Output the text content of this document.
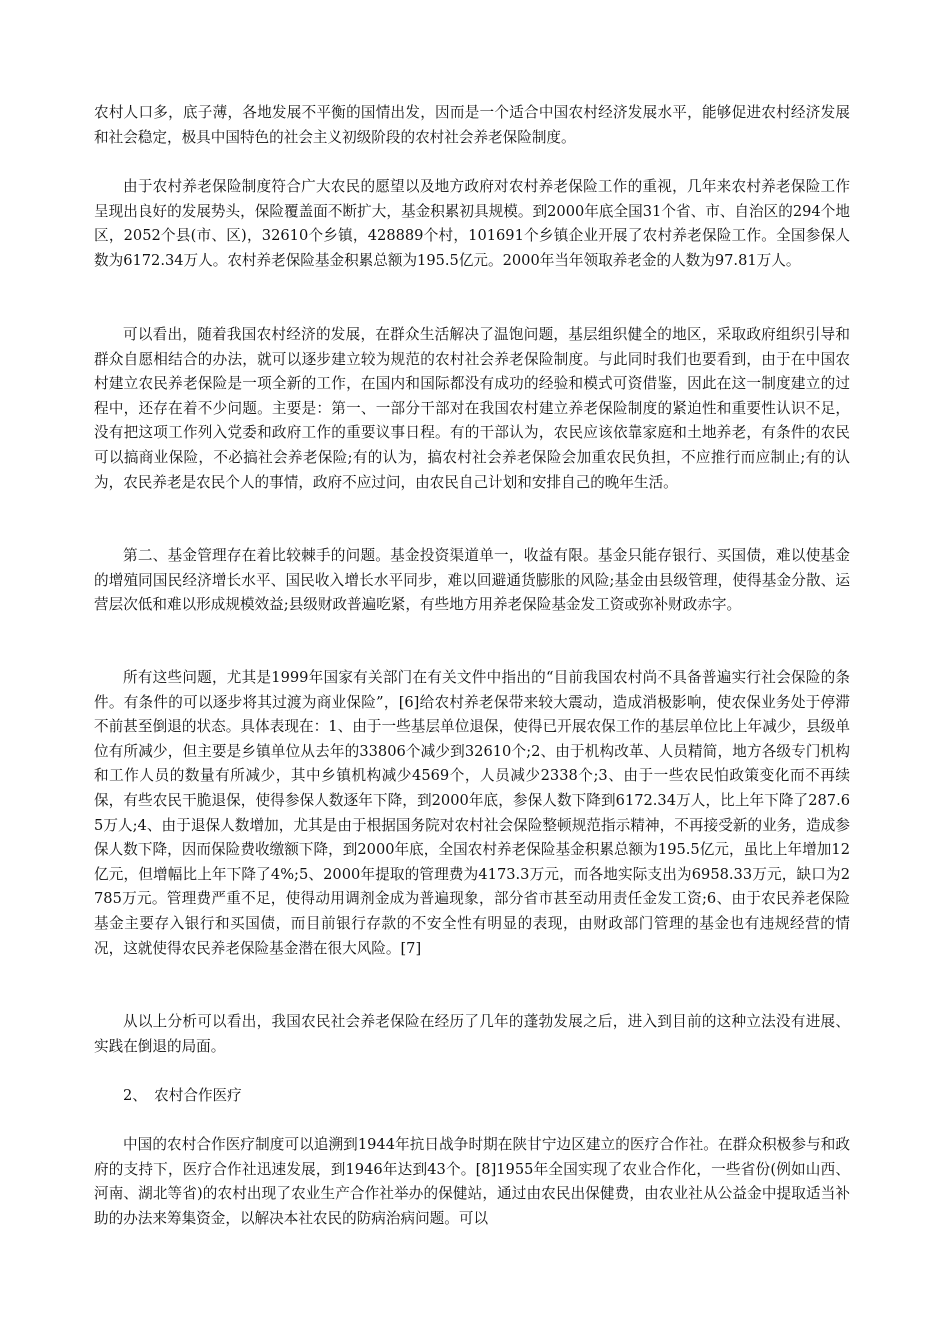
农村人口多，底子薄，各地发展不平衡的国情出发，因而是一个适合中国农村经济发展水平，能够促进农村经济发展和社会稳定，极具中国特色的社会主义初级阶段的农村社会养老保险制度。

由于农村养老保险制度符合广大农民的愿望以及地方政府对农村养老保险工作的重视，几年来农村养老保险工作呈现出良好的发展势头，保险覆盖面不断扩大，基金积累初具规模。到2000年底全国31个省、市、自治区的294个地区，2052个县(市、区)，32610个乡镇，428889个村，101691个乡镇企业开展了农村养老保险工作。全国参保人数为6172.34万人。农村养老保险基金积累总额为195.5亿元。2000年当年领取养老金的人数为97.81万人。

可以看出，随着我国农村经济的发展，在群众生活解决了温饱问题，基层组织健全的地区，采取政府组织引导和群众自愿相结合的办法，就可以逐步建立较为规范的农村社会养老保险制度。与此同时我们也要看到，由于在中国农村建立农民养老保险是一项全新的工作，在国内和国际都没有成功的经验和模式可资借鉴，因此在这一制度建立的过程中，还存在着不少问题。主要是：第一、一部分干部对在我国农村建立养老保险制度的紧迫性和重要性认识不足，没有把这项工作列入党委和政府工作的重要议事日程。有的干部认为，农民应该依靠家庭和土地养老，有条件的农民可以搞商业保险，不必搞社会养老保险;有的认为，搞农村社会养老保险会加重农民负担，不应推行而应制止;有的认为，农民养老是农民个人的事情，政府不应过问，由农民自己计划和安排自己的晚年生活。

第二、基金管理存在着比较棘手的问题。基金投资渠道单一，收益有限。基金只能存银行、买国债，难以使基金的增殖同国民经济增长水平、国民收入增长水平同步，难以回避通货膨胀的风险;基金由县级管理，使得基金分散、运营层次低和难以形成规模效益;县级财政普遍吃紧，有些地方用养老保险基金发工资或弥补财政赤字。

所有这些问题，尤其是1999年国家有关部门在有关文件中指出的“目前我国农村尚不具备普遍实行社会保险的条件。有条件的可以逐步将其过渡为商业保险”，[6]给农村养老保带来较大震动，造成消极影响，使农保业务处于停滞不前甚至倒退的状态。具体表现在：1、由于一些基层单位退保，使得已开展农保工作的基层单位比上年减少，县级单位有所减少，但主要是乡镇单位从去年的33806个减少到32610个;2、由于机构改革、人员精简，地方各级专门机构和工作人员的数量有所减少，其中乡镇机构减少4569个，人员减少2338个;3、由于一些农民怕政策变化而不再续保，有些农民干脆退保，使得参保人数逐年下降，到2000年底，参保人数下降到6172.34万人，比上年下降了287.65万人;4、由于退保人数增加，尤其是由于根据国务院对农村社会保险整顿规范指示精神，不再接受新的业务，造成参保人数下降，因而保险费收缴额下降，到2000年底，全国农村养老保险基金积累总额为195.5亿元，虽比上年增加12亿元，但增幅比上年下降了4%;5、2000年提取的管理费为4173.3万元，而各地实际支出为6958.33万元，缺口为2785万元。管理费严重不足，使得动用调剂金成为普遍现象，部分省市甚至动用责任金发工资;6、由于农民养老保险基金主要存入银行和买国债，而目前银行存款的不安全性有明显的表现，由财政部门管理的基金也有违规经营的情况，这就使得农民养老保险基金潜在很大风险。[7]

从以上分析可以看出，我国农民社会养老保险在经历了几年的蓬勃发展之后，进入到目前的这种立法没有进展、实践在倒退的局面。

2、　农村合作医疗

中国的农村合作医疗制度可以追溯到1944年抗日战争时期在陕甘宁边区建立的医疗合作社。在群众积极参与和政府的支持下，医疗合作社迅速发展，到1946年达到43个。[8]1955年全国实现了农业合作化，一些省份(例如山西、河南、湖北等省)的农村出现了农业生产合作社举办的保健站，通过由农民出保健费，由农业社从公益金中提取适当补助的办法来筹集资金，以解决本社农民的防病治病问题。可以
